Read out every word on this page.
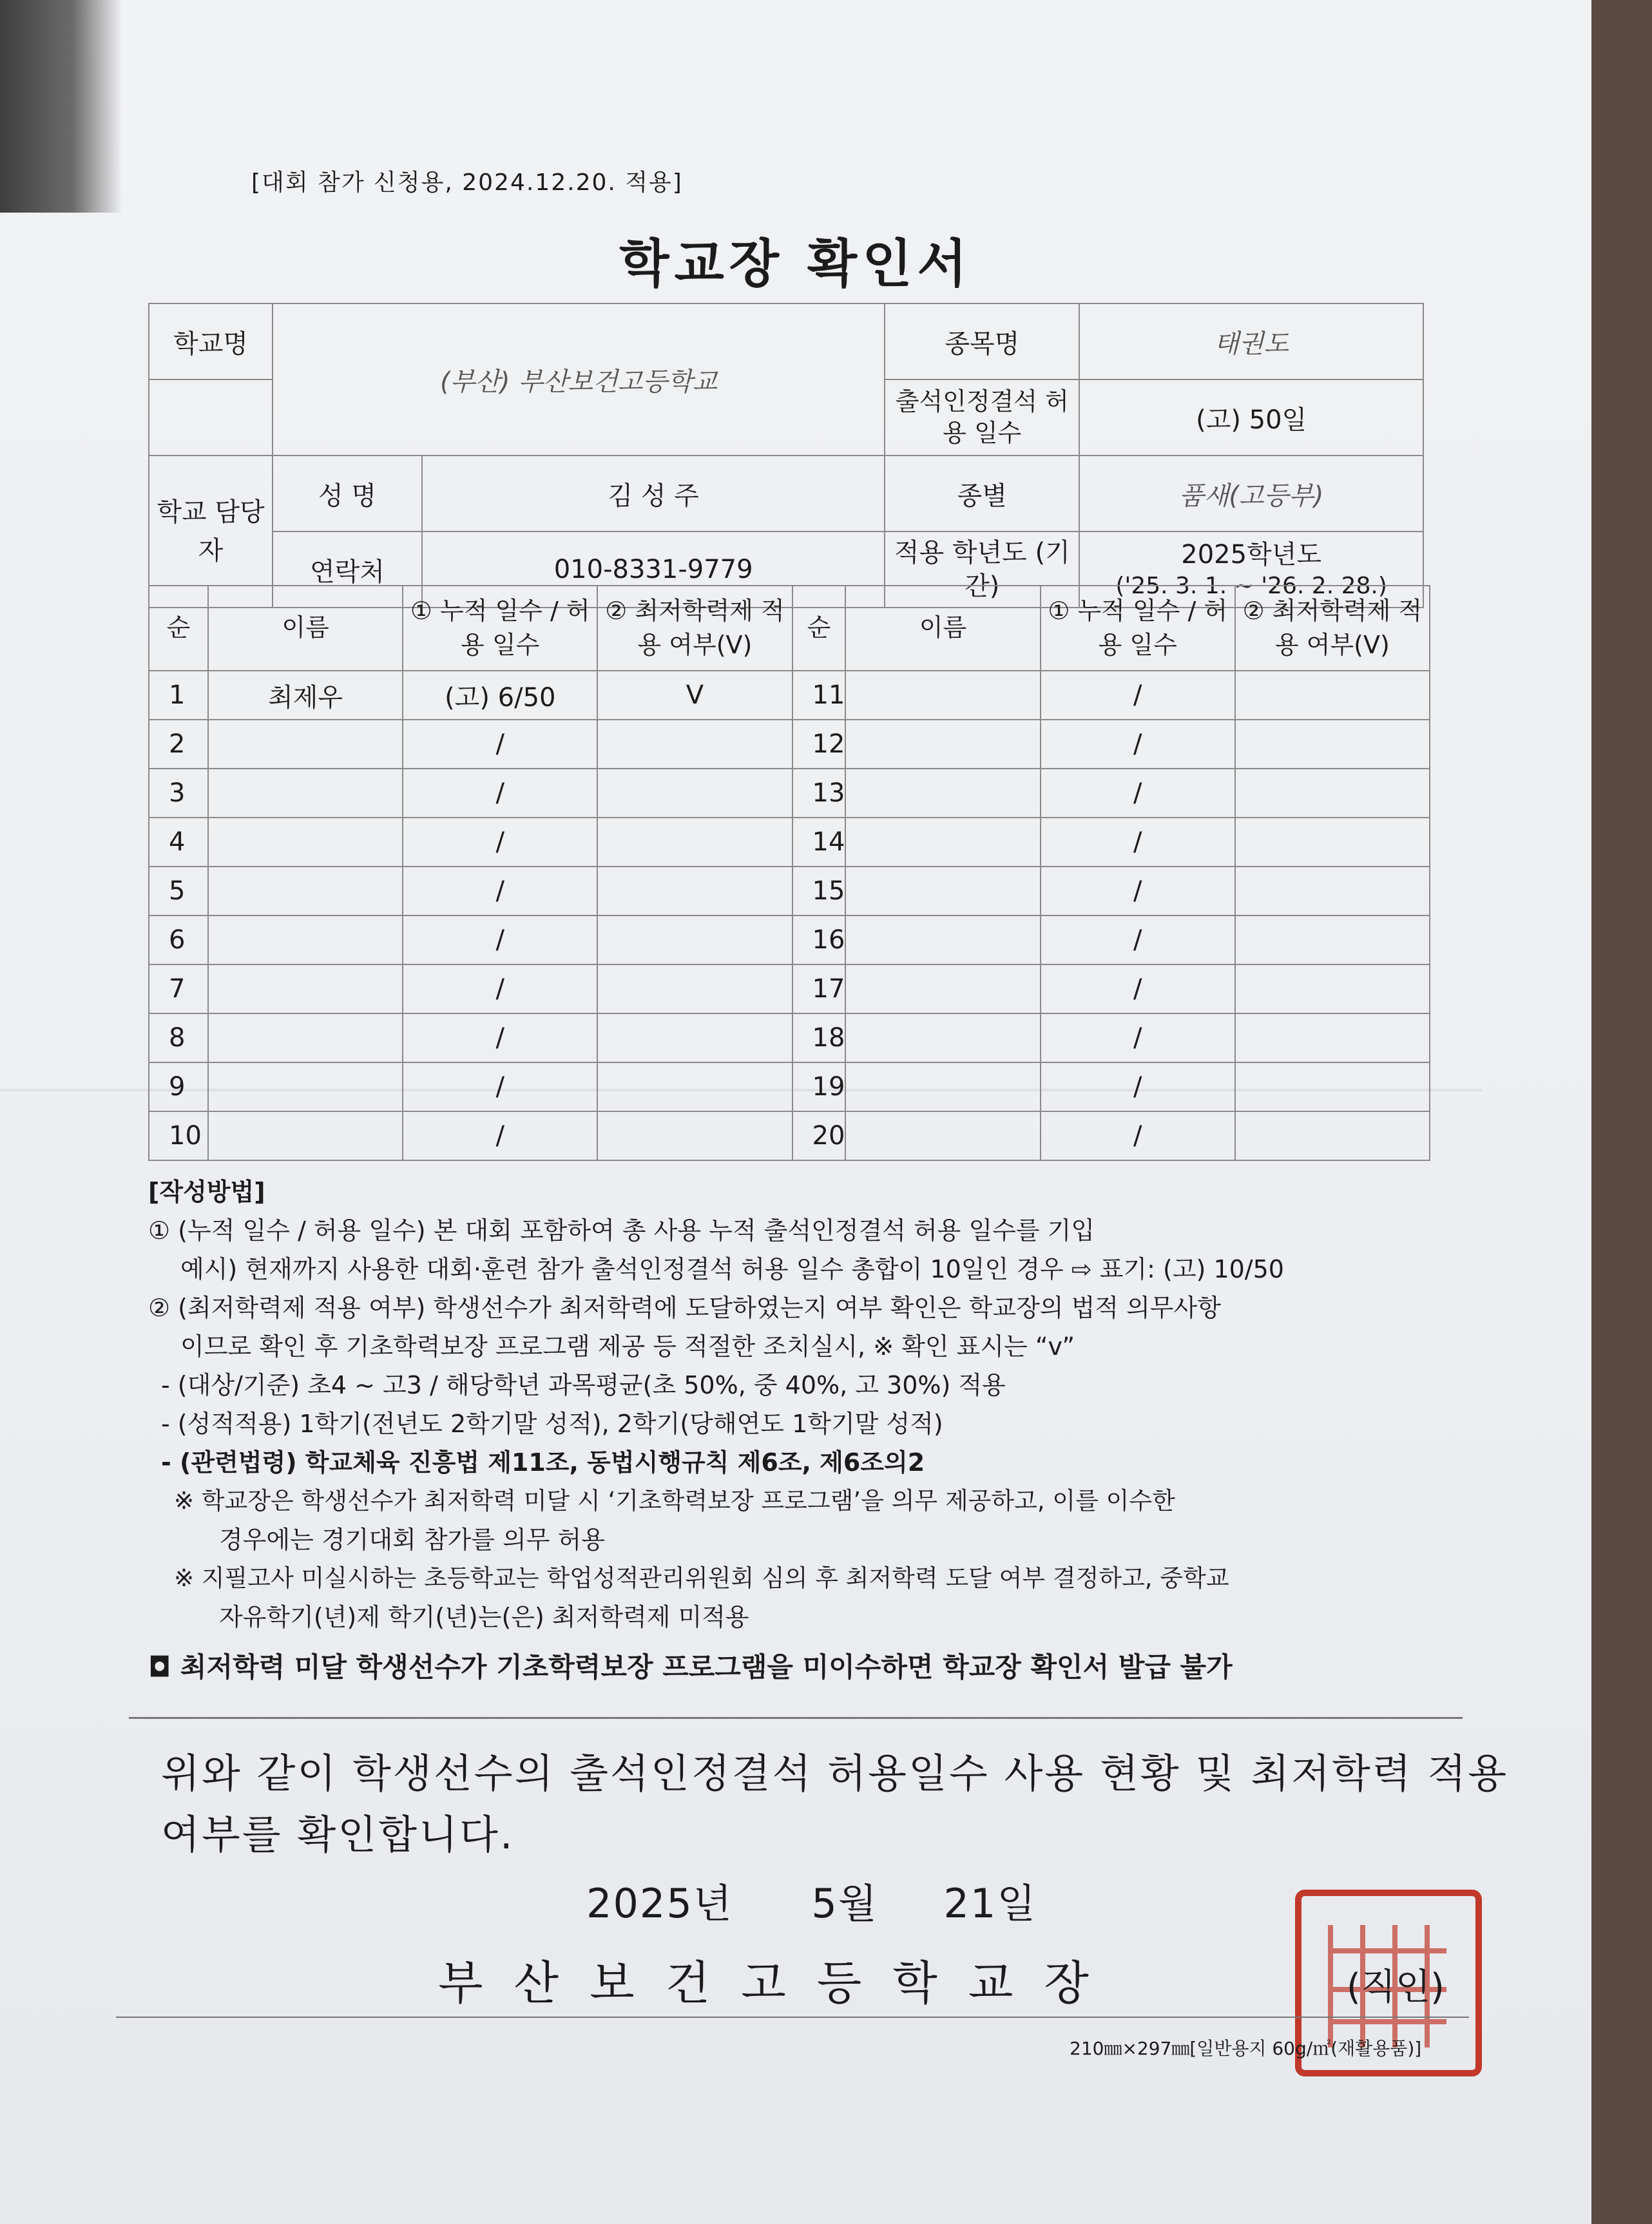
[대회 참가 신청용, 2024.12.20. 적용]
학교장 확인서
학교명	(부산) 부산보건고등학교		종목명	태권도
			출석인정결석 허용 일수	(고) 50일
학교 담당자	성 명	김 성 주	종별	품새(고등부)
	연락처	010-8331-9779	적용 학년도 (기간)	2025학년도
('25. 3. 1. ~ '26. 2. 28.)
순	이름	① 누적 일수 / 허용 일수	② 최저학력제 적용 여부(V)	순	이름	① 누적 일수 / 허용 일수	② 최저학력제 적용 여부(V)
1	최제우	(고) 6/50	V	11		/	
2		/		12		/	
3		/		13		/	
4		/		14		/	
5		/		15		/	
6		/		16		/	
7		/		17		/	
8		/		18		/	
9		/		19		/	
10		/		20		/	
[작성방법]
① (누적 일수 / 허용 일수) 본 대회 포함하여 총 사용 누적 출석인정결석 허용 일수를 기입
예시) 현재까지 사용한 대회·훈련 참가 출석인정결석 허용 일수 총합이 10일인 경우 ⇨ 표기: (고) 10/50
② (최저학력제 적용 여부) 학생선수가 최저학력에 도달하였는지 여부 확인은 학교장의 법적 의무사항
이므로 확인 후 기초학력보장 프로그램 제공 등 적절한 조치실시, ※ 확인 표시는 “v”
- (대상/기준) 초4 ~ 고3 / 해당학년 과목평균(초 50%, 중 40%, 고 30%) 적용
- (성적적용) 1학기(전년도 2학기말 성적), 2학기(당해연도 1학기말 성적)
- (관련법령) 학교체육 진흥법 제11조, 동법시행규칙 제6조, 제6조의2
※ 학교장은 학생선수가 최저학력 미달 시 ‘기초학력보장 프로그램’을 의무 제공하고, 이를 이수한
경우에는 경기대회 참가를 의무 허용
※ 지필고사 미실시하는 초등학교는 학업성적관리위원회 심의 후 최저학력 도달 여부 결정하고, 중학교
자유학기(년)제 학기(년)는(은) 최저학력제 미적용
◘ 최저학력 미달 학생선수가 기초학력보장 프로그램을 미이수하면 학교장 확인서 발급 불가
위와 같이 학생선수의 출석인정결석 허용일수 사용 현황 및 최저학력 적용 여부를 확인합니다.
2025년 5월 21일
부산보건고등학교장	(직인)
210㎜×297㎜[일반용지 60g/㎡(재활용품)]
